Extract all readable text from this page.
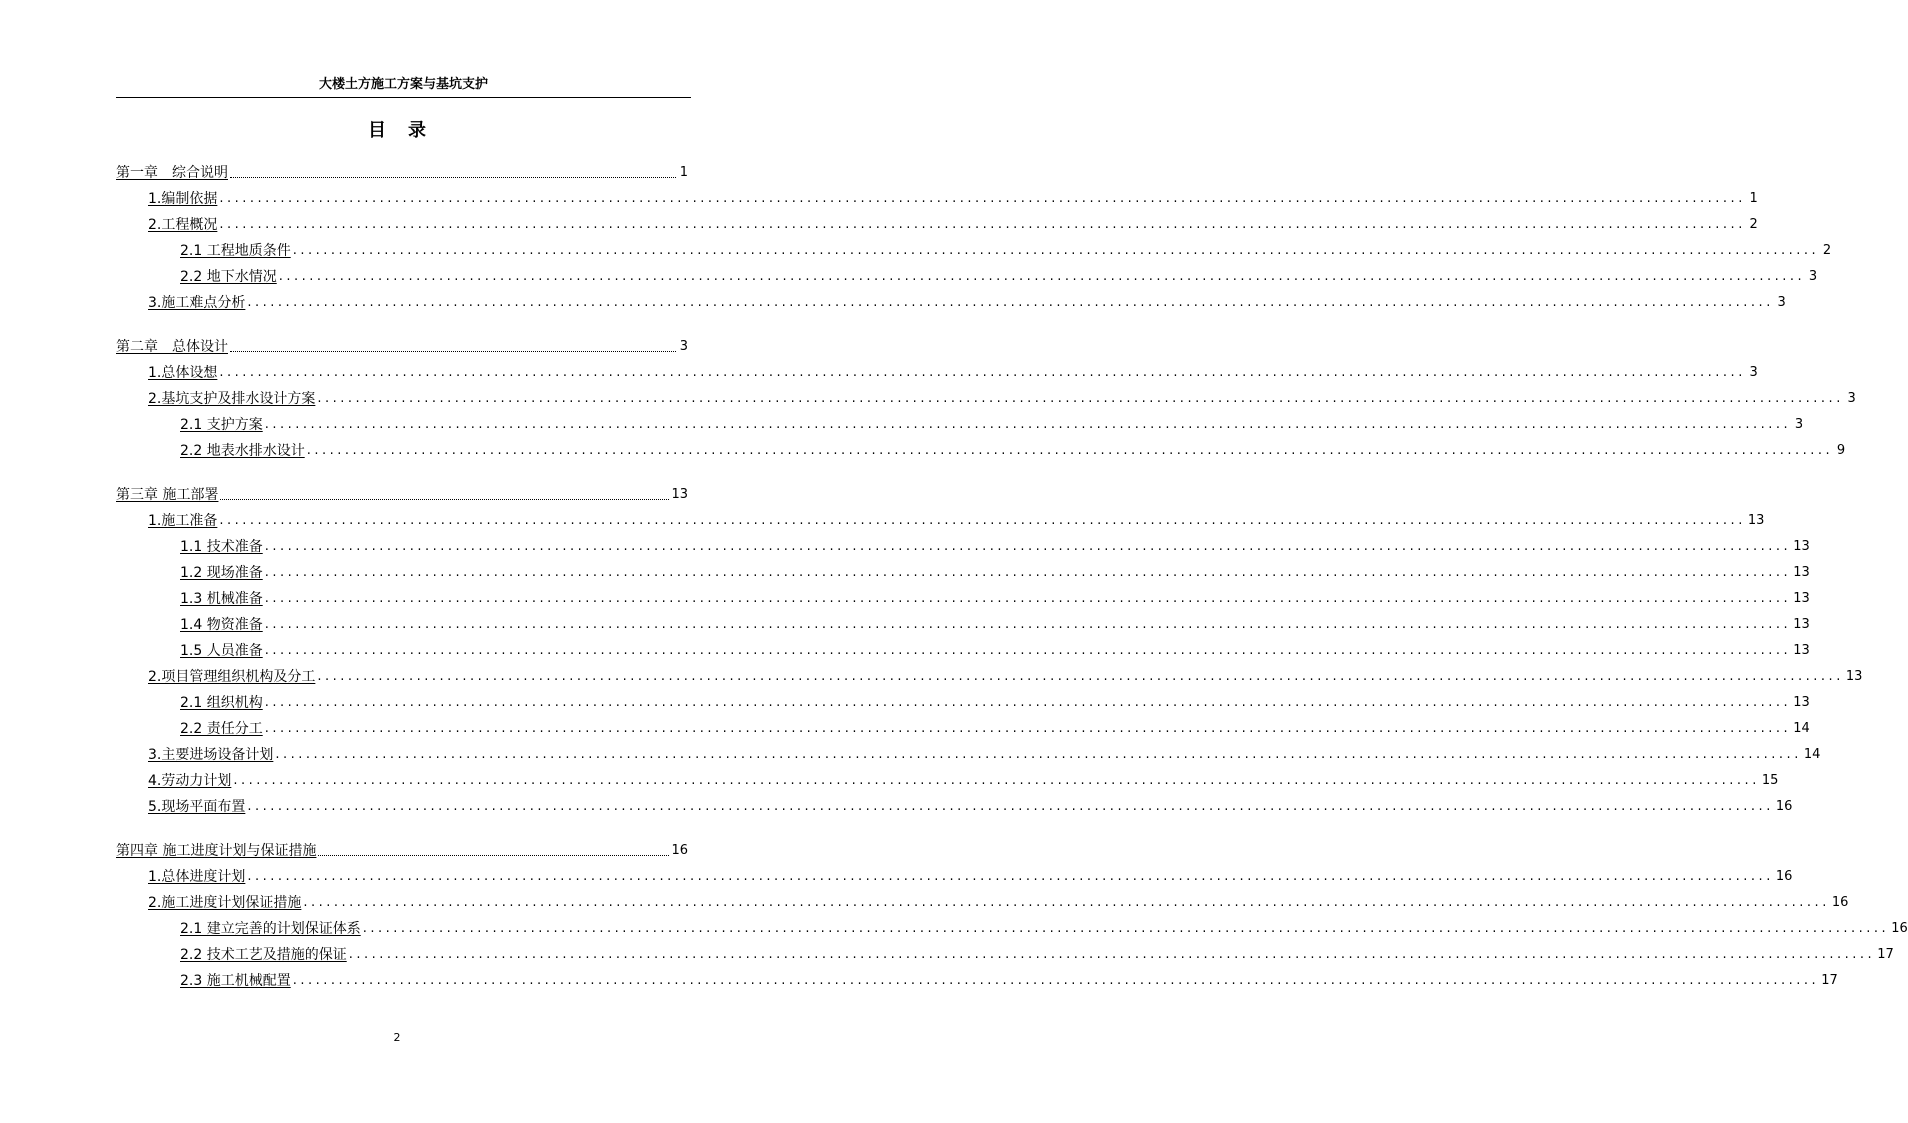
大楼土方施工方案与基坑支护
目录
第一章　综合说明	1
1.编制依据 ........................................................................................................................................................................................................ 1
2.工程概况 ........................................................................................................................................................................................................ 2
2.1 工程地质条件 ........................................................................................................................................................................................................ 2
2.2 地下水情况 ........................................................................................................................................................................................................ 3
3.施工难点分析 ........................................................................................................................................................................................................ 3
第二章　总体设计	3
1.总体设想 ........................................................................................................................................................................................................ 3
2.基坑支护及排水设计方案 ........................................................................................................................................................................................................ 3
2.1 支护方案 ........................................................................................................................................................................................................ 3
2.2 地表水排水设计 ........................................................................................................................................................................................................ 9
第三章 施工部署	13
1.施工准备 ........................................................................................................................................................................................................ 13
1.1 技术准备 ........................................................................................................................................................................................................ 13
1.2 现场准备 ........................................................................................................................................................................................................ 13
1.3 机械准备 ........................................................................................................................................................................................................ 13
1.4 物资准备 ........................................................................................................................................................................................................ 13
1.5 人员准备 ........................................................................................................................................................................................................ 13
2.项目管理组织机构及分工 ........................................................................................................................................................................................................ 13
2.1 组织机构 ........................................................................................................................................................................................................ 13
2.2 责任分工 ........................................................................................................................................................................................................ 14
3.主要进场设备计划 ........................................................................................................................................................................................................ 14
4.劳动力计划 ........................................................................................................................................................................................................ 15
5.现场平面布置 ........................................................................................................................................................................................................ 16
第四章 施工进度计划与保证措施	16
1.总体进度计划 ........................................................................................................................................................................................................ 16
2.施工进度计划保证措施 ........................................................................................................................................................................................................ 16
2.1 建立完善的计划保证体系 ........................................................................................................................................................................................................ 16
2.2 技术工艺及措施的保证 ........................................................................................................................................................................................................ 17
2.3 施工机械配置 ........................................................................................................................................................................................................ 17
2
